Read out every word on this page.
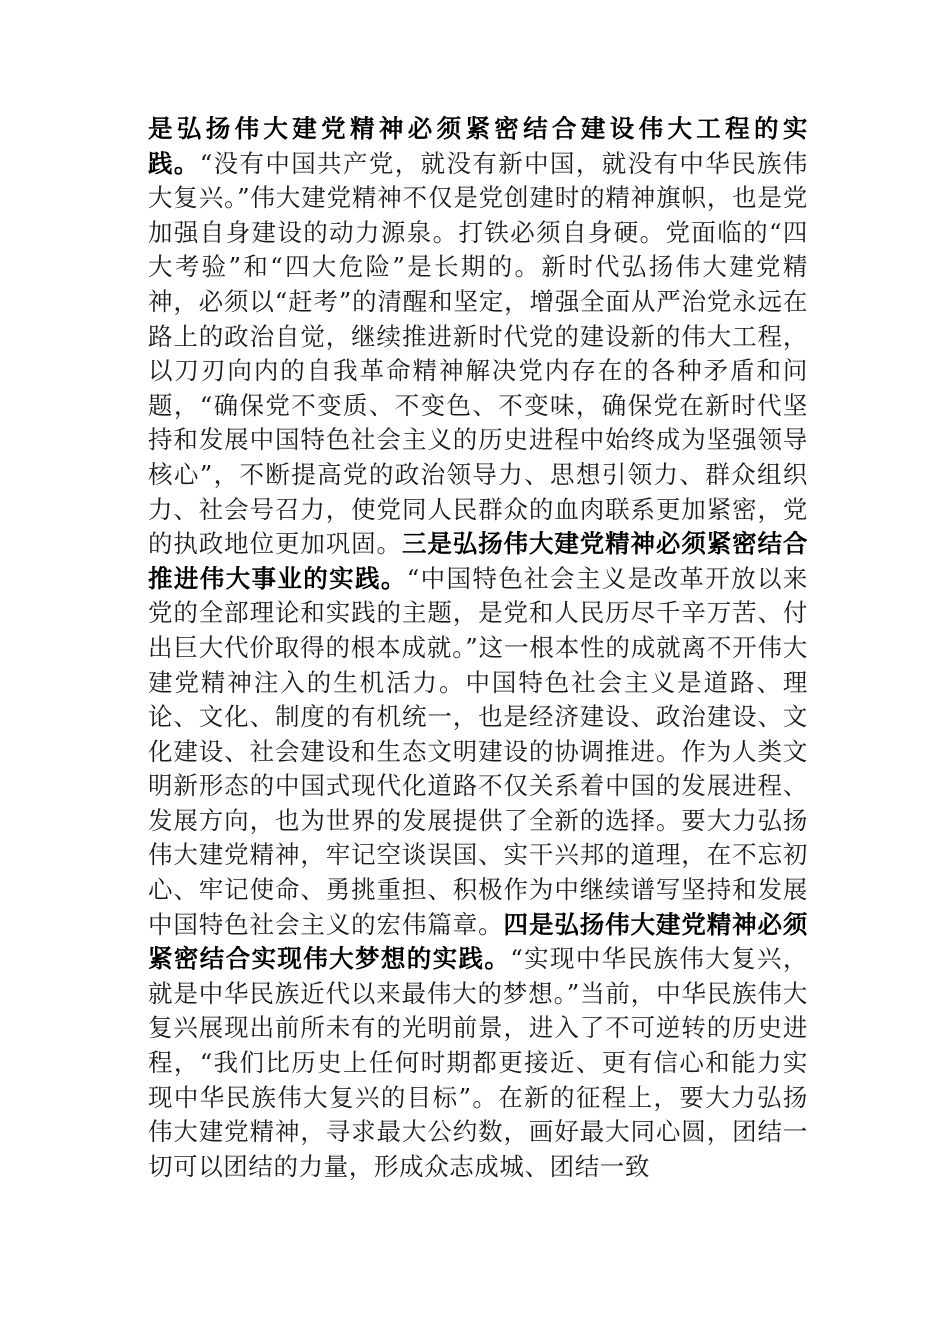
是弘扬伟大建党精神必须紧密结合建设伟大工程的实践。“没有中国共产党，就没有新中国，就没有中华民族伟大复兴。”伟大建党精神不仅是党创建时的精神旗帜，也是党加强自身建设的动力源泉。打铁必须自身硬。党面临的“四大考验”和“四大危险”是长期的。新时代弘扬伟大建党精神，必须以“赶考”的清醒和坚定，增强全面从严治党永远在路上的政治自觉，继续推进新时代党的建设新的伟大工程，以刀刃向内的自我革命精神解决党内存在的各种矛盾和问题，“确保党不变质、不变色、不变味，确保党在新时代坚持和发展中国特色社会主义的历史进程中始终成为坚强领导核心”，不断提高党的政治领导力、思想引领力、群众组织力、社会号召力，使党同人民群众的血肉联系更加紧密，党的执政地位更加巩固。三是弘扬伟大建党精神必须紧密结合推进伟大事业的实践。“中国特色社会主义是改革开放以来党的全部理论和实践的主题，是党和人民历尽千辛万苦、付出巨大代价取得的根本成就。”这一根本性的成就离不开伟大建党精神注入的生机活力。中国特色社会主义是道路、理论、文化、制度的有机统一，也是经济建设、政治建设、文化建设、社会建设和生态文明建设的协调推进。作为人类文明新形态的中国式现代化道路不仅关系着中国的发展进程、发展方向，也为世界的发展提供了全新的选择。要大力弘扬伟大建党精神，牢记空谈误国、实干兴邦的道理，在不忘初心、牢记使命、勇挑重担、积极作为中继续谱写坚持和发展中国特色社会主义的宏伟篇章。四是弘扬伟大建党精神必须紧密结合实现伟大梦想的实践。“实现中华民族伟大复兴，就是中华民族近代以来最伟大的梦想。”当前，中华民族伟大复兴展现出前所未有的光明前景，进入了不可逆转的历史进程，“我们比历史上任何时期都更接近、更有信心和能力实现中华民族伟大复兴的目标”。在新的征程上，要大力弘扬伟大建党精神，寻求最大公约数，画好最大同心圆，团结一切可以团结的力量，形成众志成城、团结一致
